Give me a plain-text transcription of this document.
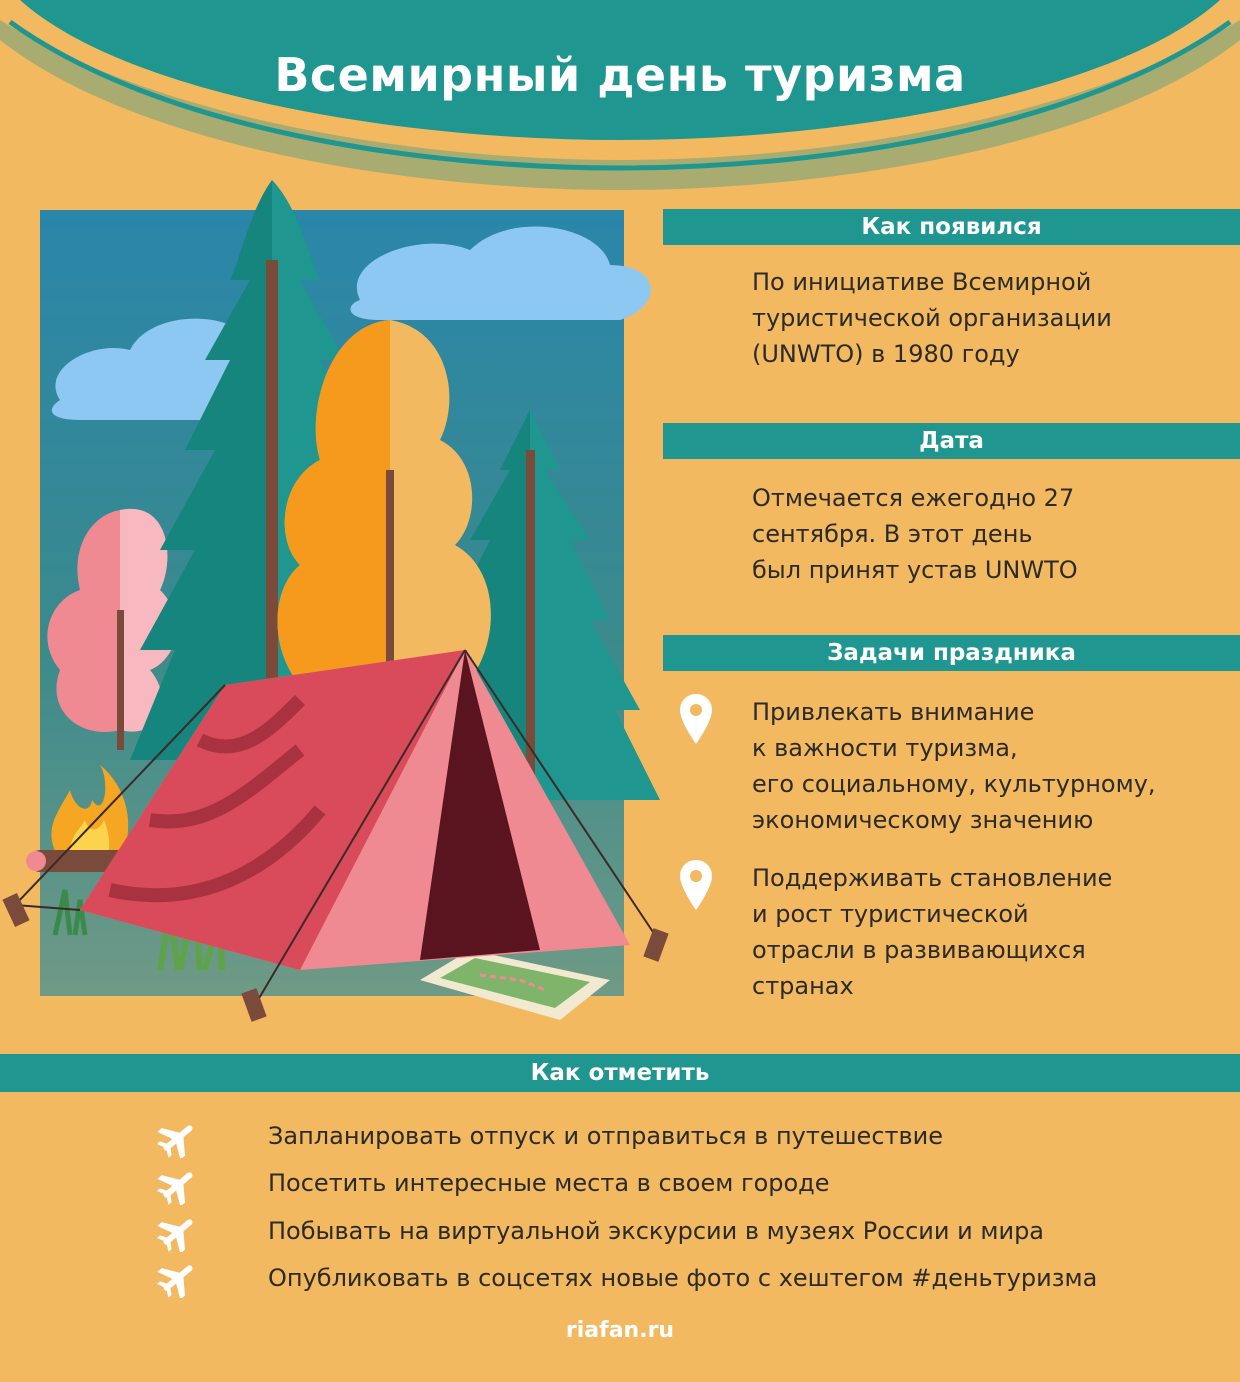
Всемирный день туризма
Как появился
По инициативе Всемирной
туристической организации
(UNWTO) в 1980 году
Дата
Отмечается ежегодно 27
сентября. В этот день
был принят устав UNWTO
Задачи праздника
Привлекать внимание
к важности туризма,
его социальному, культурному,
экономическому значению
Поддерживать становление
и рост туристической
отрасли в развивающихся
странах
Как отметить
Запланировать отпуск и отправиться в путешествие
Посетить интересные места в своем городе
Побывать на виртуальной экскурсии в музеях России и мира
Опубликовать в соцсетях новые фото с хештегом #деньтуризма
riafan.ru
